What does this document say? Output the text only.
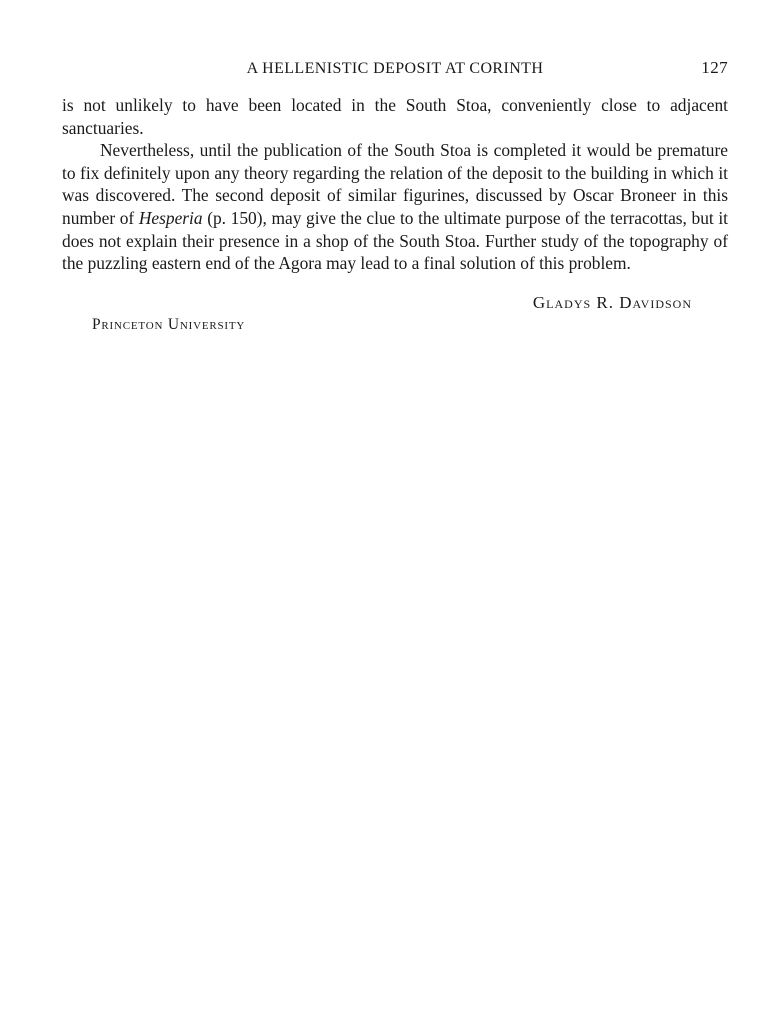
A HELLENISTIC DEPOSIT AT CORINTH	127

is not unlikely to have been located in the South Stoa, conveniently close to adjacent sanctuaries.

Nevertheless, until the publication of the South Stoa is completed it would be premature to fix definitely upon any theory regarding the relation of the deposit to the building in which it was discovered. The second deposit of similar figurines, discussed by Oscar Broneer in this number of Hesperia (p. 150), may give the clue to the ultimate purpose of the terracottas, but it does not explain their presence in a shop of the South Stoa. Further study of the topography of the puzzling eastern end of the Agora may lead to a final solution of this problem.

Gladys R. Davidson
Princeton University
